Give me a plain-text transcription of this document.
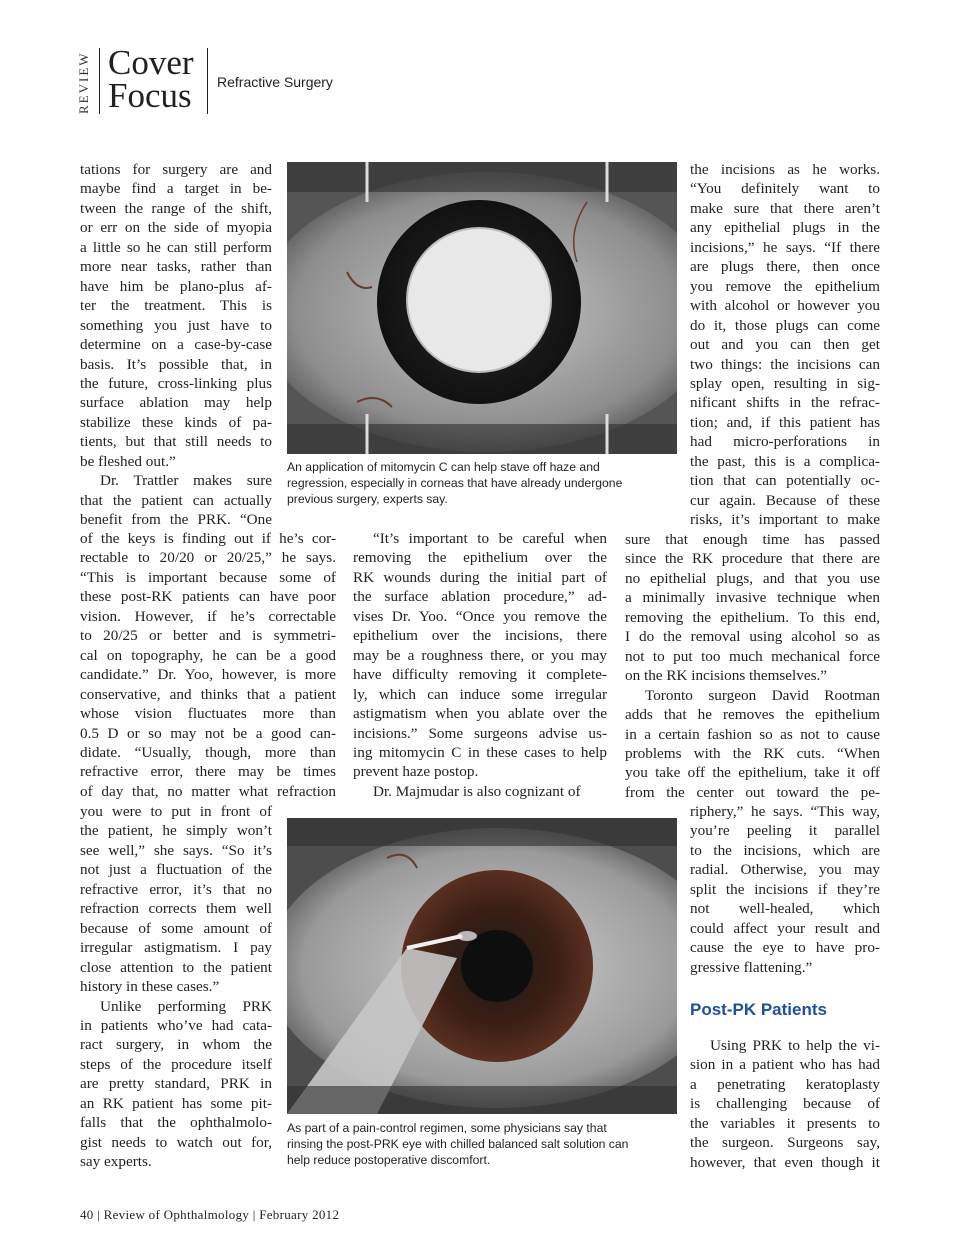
REVIEW Cover
Focus Refractive Surgery
tations for surgery are and
maybe find a target in be-
tween the range of the shift,
or err on the side of myopia
a little so he can still perform
more near tasks, rather than
have him be plano-plus af-
ter the treatment. This is
something you just have to
determine on a case-by-case
basis. It’s possible that, in
the future, cross-linking plus
surface ablation may help
stabilize these kinds of pa-
tients, but that still needs to
be fleshed out.”
Dr. Trattler makes sure
that the patient can actually
benefit from the PRK. “One
of the keys is finding out if he’s cor-
rectable to 20/20 or 20/25,” he says.
“This is important because some of
these post-RK patients can have poor
vision. However, if he’s correctable
to 20/25 or better and is symmetri-
cal on topography, he can be a good
candidate.” Dr. Yoo, however, is more
conservative, and thinks that a patient
whose vision fluctuates more than
0.5 D or so may not be a good can-
didate. “Usually, though, more than
refractive error, there may be times
of day that, no matter what refraction
you were to put in front of
the patient, he simply won’t
see well,” she says. “So it’s
not just a fluctuation of the
refractive error, it’s that no
refraction corrects them well
because of some amount of
irregular astigmatism. I pay
close attention to the patient
history in these cases.”
Unlike performing PRK
in patients who’ve had cata-
ract surgery, in whom the
steps of the procedure itself
are pretty standard, PRK in
an RK patient has some pit-
falls that the ophthalmolo-
gist needs to watch out for,
say experts.
An application of mitomycin C can help stave off haze and
regression, especially in corneas that have already undergone
previous surgery, experts say.
“It’s important to be careful when
removing the epithelium over the
RK wounds during the initial part of
the surface ablation procedure,” ad-
vises Dr. Yoo. “Once you remove the
epithelium over the incisions, there
may be a roughness there, or you may
have difficulty removing it complete-
ly, which can induce some irregular
astigmatism when you ablate over the
incisions.” Some surgeons advise us-
ing mitomycin C in these cases to help
prevent haze postop.
Dr. Majmudar is also cognizant of
As part of a pain-control regimen, some physicians say that
rinsing the post-PRK eye with chilled balanced salt solution can
help reduce postoperative discomfort.
the incisions as he works.
“You definitely want to
make sure that there aren’t
any epithelial plugs in the
incisions,” he says. “If there
are plugs there, then once
you remove the epithelium
with alcohol or however you
do it, those plugs can come
out and you can then get
two things: the incisions can
splay open, resulting in sig-
nificant shifts in the refrac-
tion; and, if this patient has
had micro-perforations in
the past, this is a complica-
tion that can potentially oc-
cur again. Because of these
risks, it’s important to make
sure that enough time has passed
since the RK procedure that there are
no epithelial plugs, and that you use
a minimally invasive technique when
removing the epithelium. To this end,
I do the removal using alcohol so as
not to put too much mechanical force
on the RK incisions themselves.”
Toronto surgeon David Rootman
adds that he removes the epithelium
in a certain fashion so as not to cause
problems with the RK cuts. “When
you take off the epithelium, take it off
from the center out toward the pe-
riphery,” he says. “This way,
you’re peeling it parallel
to the incisions, which are
radial. Otherwise, you may
split the incisions if they’re
not well-healed, which
could affect your result and
cause the eye to have pro-
gressive flattening.”
Post-PK Patients
Using PRK to help the vi-
sion in a patient who has had
a penetrating keratoplasty
is challenging because of
the variables it presents to
the surgeon. Surgeons say,
however, that even though it
40 | Review of Ophthalmology | February 2012
